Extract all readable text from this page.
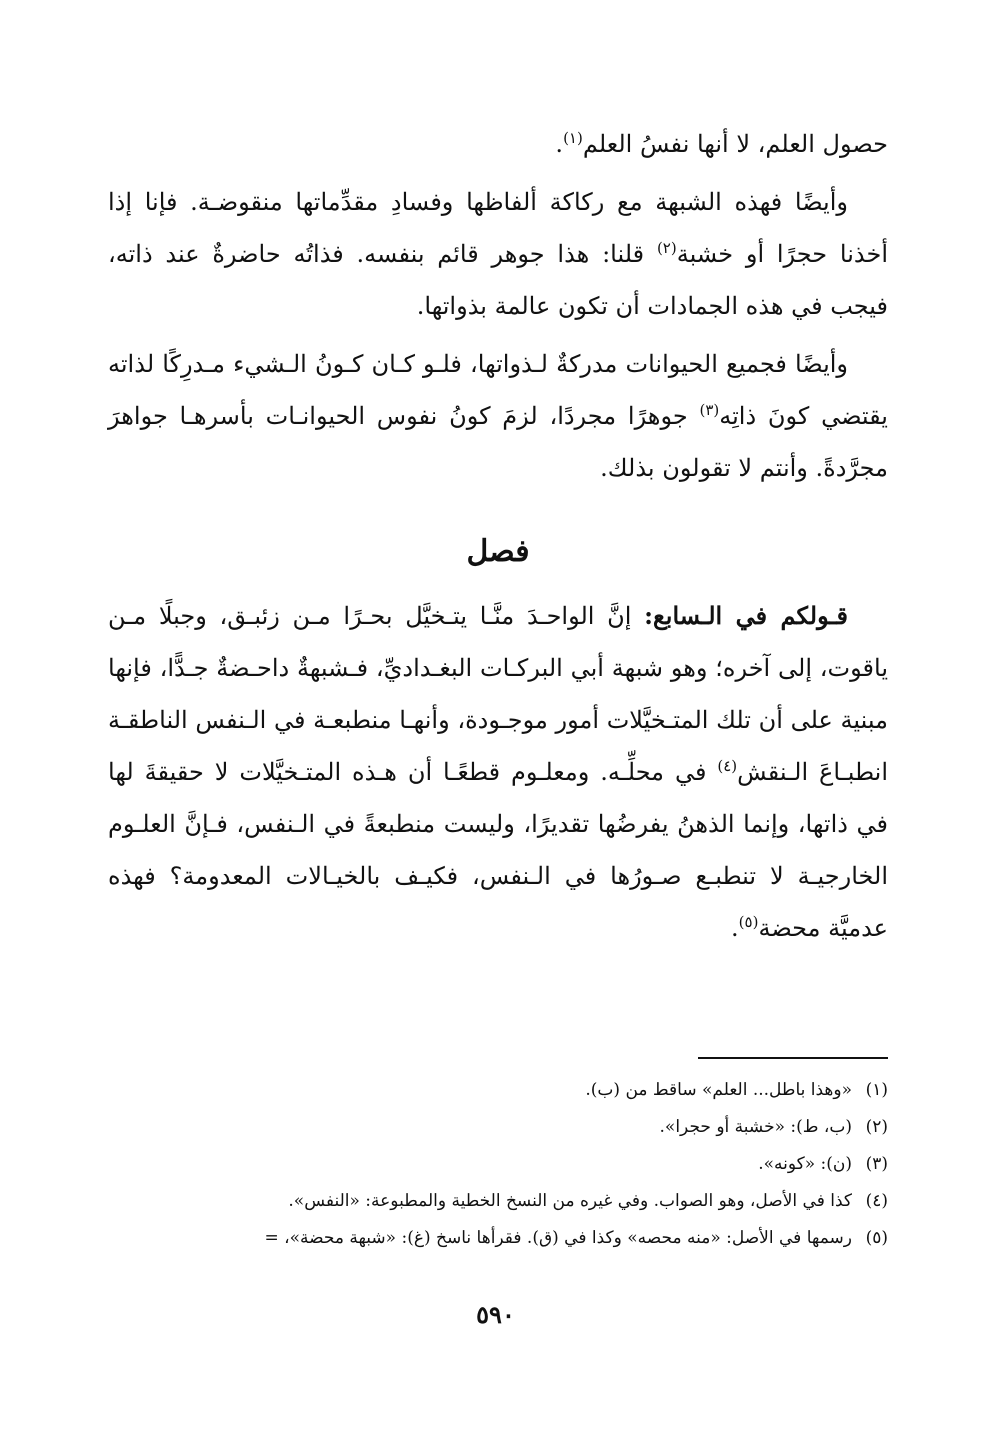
حصول العلم، لا أنها نفسُ العلم$^{(١)}$.

وأيضًا فهذه الشبهة مع ركاكة ألفاظها وفسادِ مقدِّماتها منقوضـة. فإنا إذا أخذنا حجرًا أو خشبة$^{(٢)}$ قلنا: هذا جوهر قائم بنفسه. فذاتُه حاضرةٌ عند ذاته، فيجب في هذه الجمادات أن تكون عالمة بذواتها.

وأيضًا فجميع الحيوانات مدركةٌ لـذواتها، فلـو كـان كـونُ الـشيء مـدرِكًا لذاته يقتضي كونَ ذاتِه$^{(٣)}$ جوهرًا مجردًا، لزمَ كونُ نفوس الحيوانـات بأسرهـا جواهرَ مجرَّدةً. وأنتم لا تقولون بذلك.

فصل

قـولكم في الـسابع: إنَّ الواحـدَ منَّـا يتـخيَّل بحـرًا مـن زئبـق، وجبلًا مـن ياقوت، إلى آخره؛ وهو شبهة أبي البركـات البغـداديِّ، فـشبهةٌ داحـضةٌ جـدًّا، فإنها مبنية على أن تلك المتـخيَّلات أمور موجـودة، وأنهـا منطبعـة في الـنفس الناطقـة انطبـاعَ الـنقش$^{(٤)}$ في محلِّـه. ومعلـوم قطعًـا أن هـذه المتـخيَّلات لا حقيقةَ لها في ذاتها، وإنما الذهنُ يفرضُها تقديرًا، وليست منطبعةً في الـنفس، فـإنَّ العلـوم الخارجيـة لا تنطبـع صـورُها في الـنفس، فكيـف بالخيـالات المعدومة؟ فهذه عدميَّة محضة$^{(٥)}$.

(١)«وهذا باطل... العلم» ساقط من (ب).
(٢)(ب، ط): «خشبة أو حجرا».
(٣)(ن): «كونه».
(٤)كذا في الأصل، وهو الصواب. وفي غيره من النسخ الخطية والمطبوعة: «النفس».
(٥)رسمها في الأصل: «منه محصه» وكذا في (ق). فقرأها ناسخ (غ): «شبهة محضة»، =
٥٩٠
